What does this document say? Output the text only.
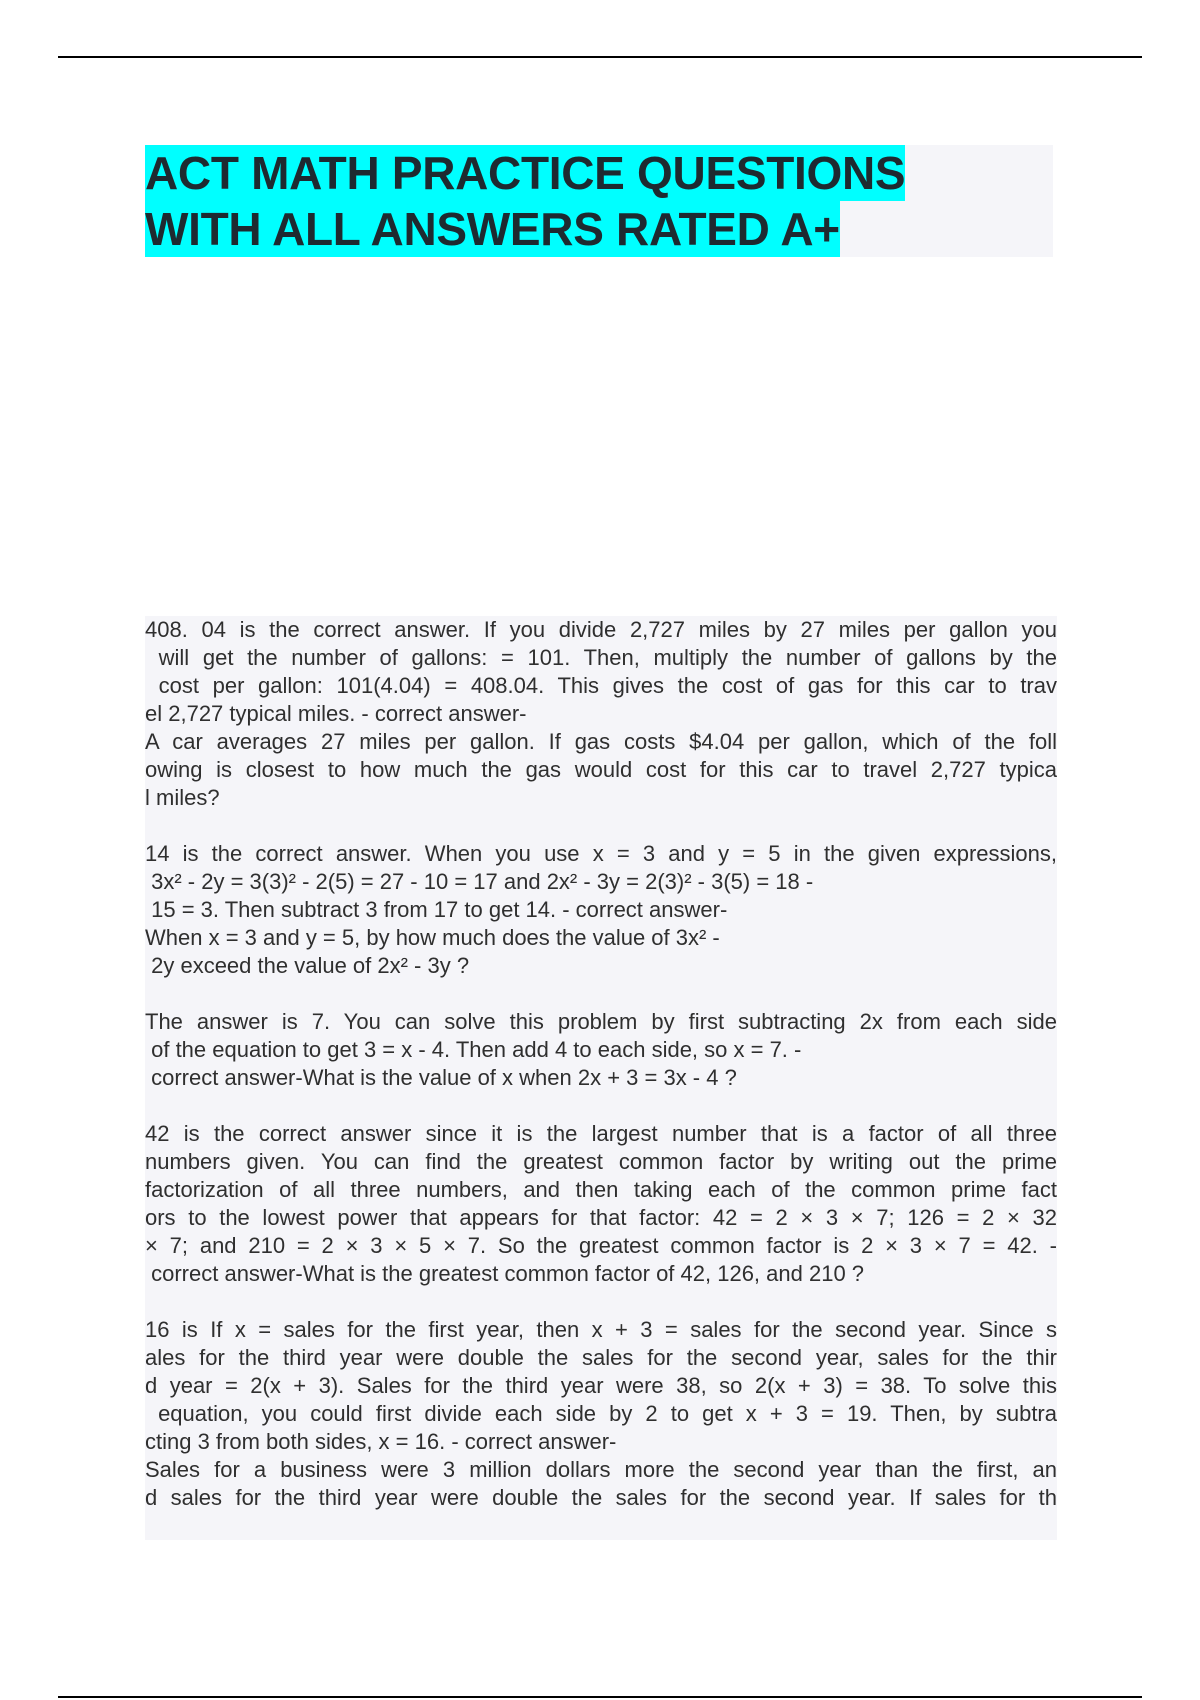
ACT MATH PRACTICE QUESTIONS
WITH ALL ANSWERS RATED A+
408. 04 is the correct answer. If you divide 2,727 miles by 27 miles per gallon you
will get the number of gallons: = 101. Then, multiply the number of gallons by the
cost per gallon: 101(4.04) = 408.04. This gives the cost of gas for this car to trav
el 2,727 typical miles. - correct answer-
A car averages 27 miles per gallon. If gas costs $4.04 per gallon, which of the foll
owing is closest to how much the gas would cost for this car to travel 2,727 typica
l miles?
14 is the correct answer. When you use x = 3 and y = 5 in the given expressions,
3x² - 2y = 3(3)² - 2(5) = 27 - 10 = 17 and 2x² - 3y = 2(3)² - 3(5) = 18 -
15 = 3. Then subtract 3 from 17 to get 14. - correct answer-
When x = 3 and y = 5, by how much does the value of 3x² -
2y exceed the value of 2x² - 3y ?
The answer is 7. You can solve this problem by first subtracting 2x from each side
of the equation to get 3 = x - 4. Then add 4 to each side, so x = 7. -
correct answer-What is the value of x when 2x + 3 = 3x - 4 ?
42 is the correct answer since it is the largest number that is a factor of all three
numbers given. You can find the greatest common factor by writing out the prime
factorization of all three numbers, and then taking each of the common prime fact
ors to the lowest power that appears for that factor: 42 = 2 × 3 × 7; 126 = 2 × 32
× 7; and 210 = 2 × 3 × 5 × 7. So the greatest common factor is 2 × 3 × 7 = 42. -
correct answer-What is the greatest common factor of 42, 126, and 210 ?
16 is If x = sales for the first year, then x + 3 = sales for the second year. Since s
ales for the third year were double the sales for the second year, sales for the thir
d year = 2(x + 3). Sales for the third year were 38, so 2(x + 3) = 38. To solve this
equation, you could first divide each side by 2 to get x + 3 = 19. Then, by subtra
cting 3 from both sides, x = 16. - correct answer-
Sales for a business were 3 million dollars more the second year than the first, an
d sales for the third year were double the sales for the second year. If sales for th
